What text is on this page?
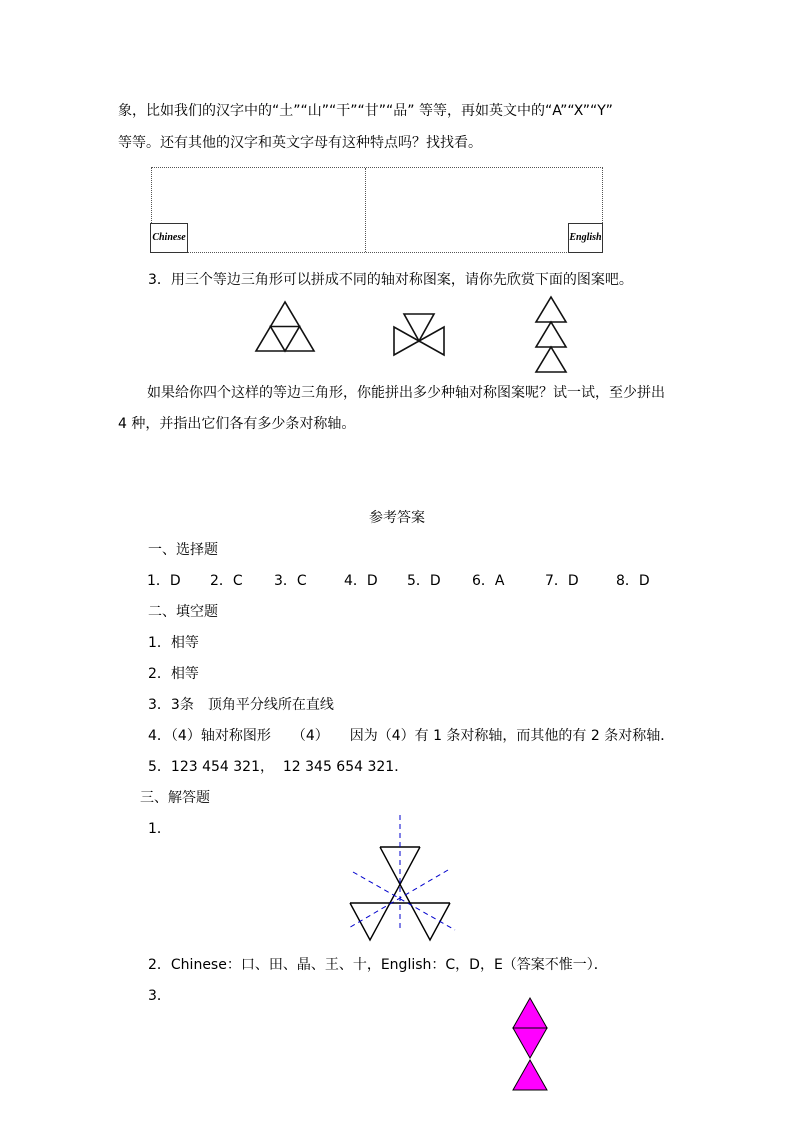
象，比如我们的汉字中的“土”“山”“干”“甘”“品” 等等，再如英文中的“A”“X”“Y”
等等。还有其他的汉字和英文字母有这种特点吗？找找看。
Chinese	English
3．用三个等边三角形可以拼成不同的轴对称图案，请你先欣赏下面的图案吧。
如果给你四个这样的等边三角形，你能拼出多少种轴对称图案呢？试一试，至少拼出
4 种，并指出它们各有多少条对称轴。
参考答案
一、选择题
1．D 2．C 3．C	4．D 5．D 6．A	7．D	8．D
二、填空题
1．相等
2．相等
3．3条　顶角平分线所在直线
4．（4）轴对称图形　　（4）　　因为（4）有 1 条对称轴，而其他的有 2 条对称轴．
5．123 454 321，  12 345 654 321．
三、解答题
1．
2．Chinese：口、田、晶、王、十，English：C，D，E（答案不惟一）．
3．
